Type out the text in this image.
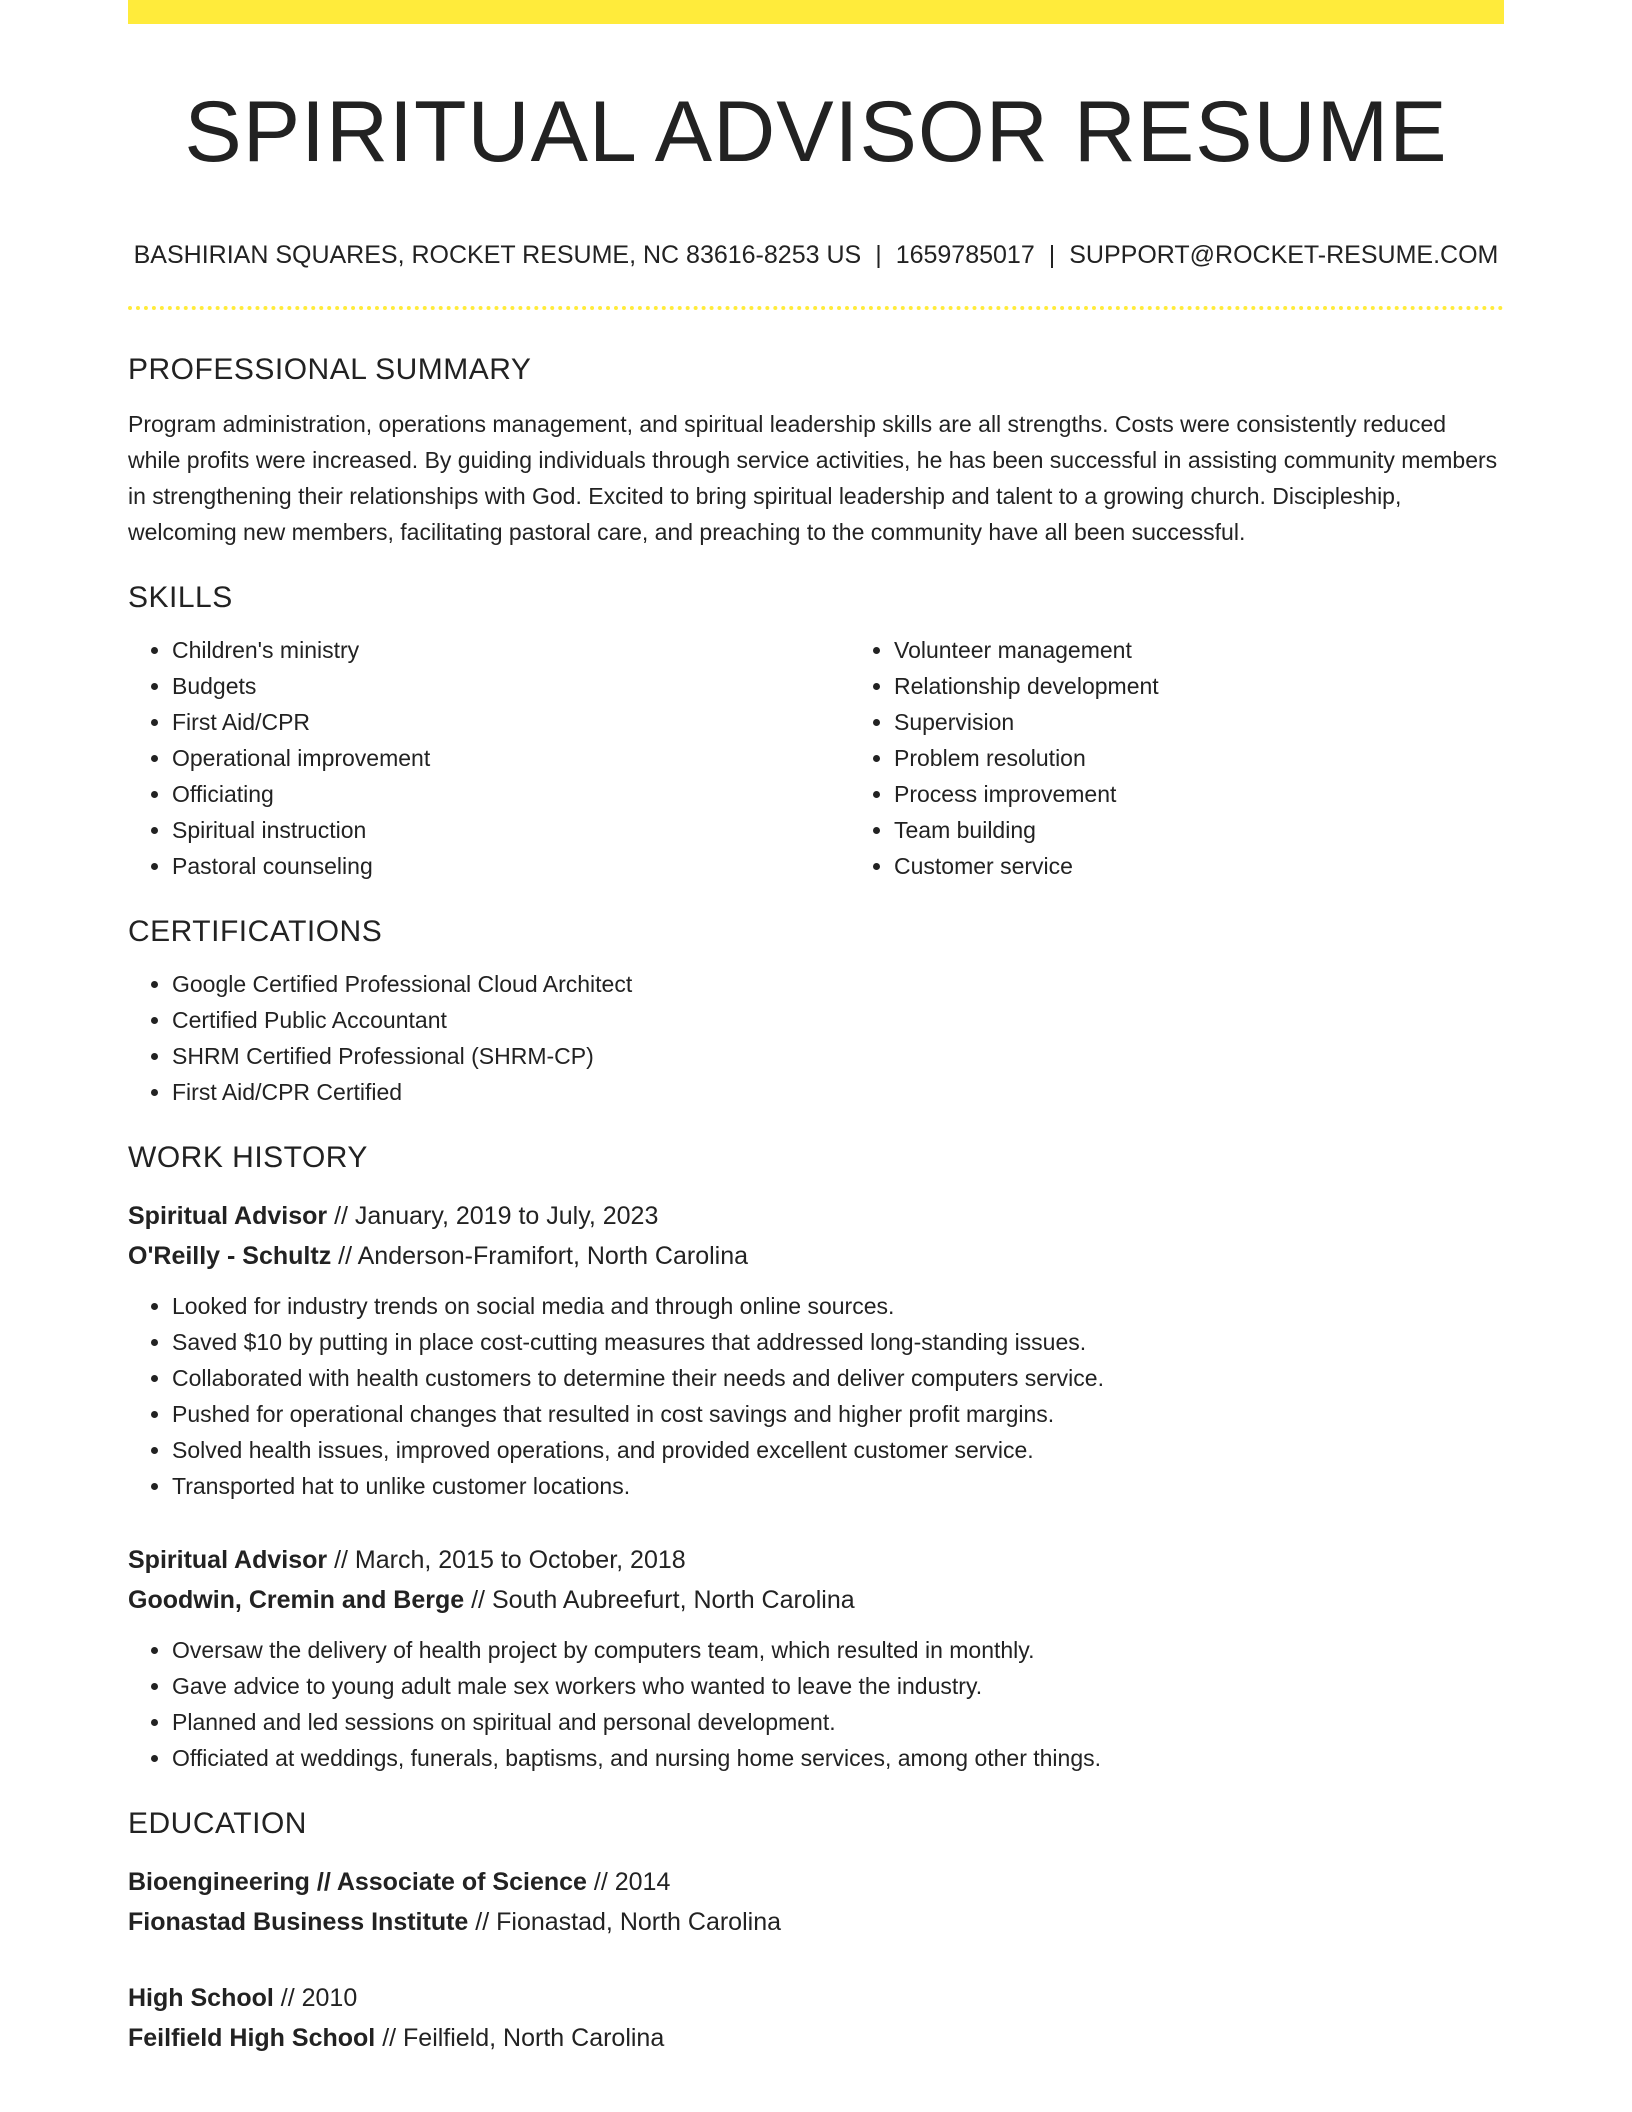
SPIRITUAL ADVISOR RESUME
BASHIRIAN SQUARES, ROCKET RESUME, NC 83616-8253 US | 1659785017 | SUPPORT@ROCKET-RESUME.COM
PROFESSIONAL SUMMARY

Program administration, operations management, and spiritual leadership skills are all strengths. Costs were consistently reduced while profits were increased. By guiding individuals through service activities, he has been successful in assisting community members in strengthening their relationships with God. Excited to bring spiritual leadership and talent to a growing church. Discipleship, welcoming new members, facilitating pastoral care, and preaching to the community have all been successful.

SKILLS
• Children's ministry
• Budgets
• First Aid/CPR
• Operational improvement
• Officiating
• Spiritual instruction
• Pastoral counseling
• Volunteer management
• Relationship development
• Supervision
• Problem resolution
• Process improvement
• Team building
• Customer service
CERTIFICATIONS
• Google Certified Professional Cloud Architect
• Certified Public Accountant
• SHRM Certified Professional (SHRM-CP)
• First Aid/CPR Certified
WORK HISTORY
Spiritual Advisor // January, 2019 to July, 2023
O'Reilly - Schultz // Anderson-Framifort, North Carolina
• Looked for industry trends on social media and through online sources.
• Saved $10 by putting in place cost-cutting measures that addressed long-standing issues.
• Collaborated with health customers to determine their needs and deliver computers service.
• Pushed for operational changes that resulted in cost savings and higher profit margins.
• Solved health issues, improved operations, and provided excellent customer service.
• Transported hat to unlike customer locations.
Spiritual Advisor // March, 2015 to October, 2018
Goodwin, Cremin and Berge // South Aubreefurt, North Carolina
• Oversaw the delivery of health project by computers team, which resulted in monthly.
• Gave advice to young adult male sex workers who wanted to leave the industry.
• Planned and led sessions on spiritual and personal development.
• Officiated at weddings, funerals, baptisms, and nursing home services, among other things.
EDUCATION
Bioengineering // Associate of Science // 2014
Fionastad Business Institute // Fionastad, North Carolina
High School // 2010
Feilfield High School // Feilfield, North Carolina
